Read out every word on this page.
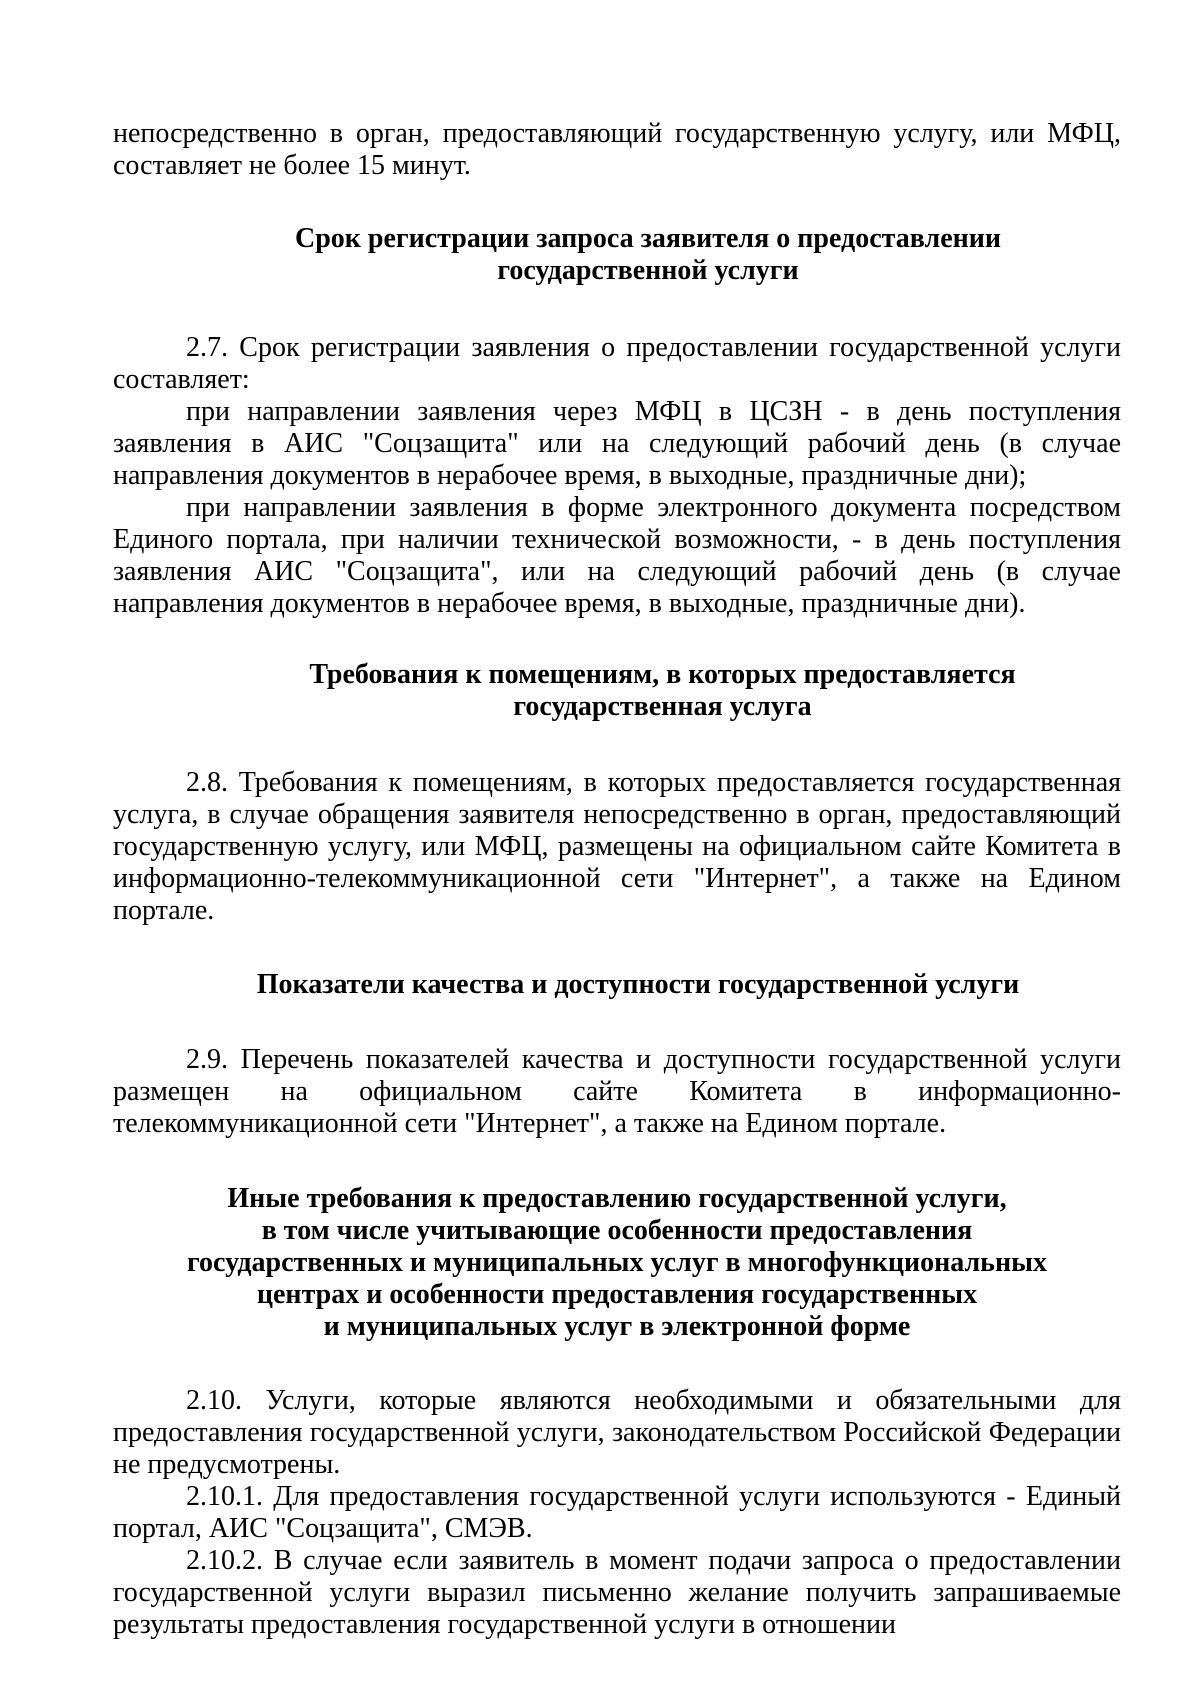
непосредственно в орган, предоставляющий государственную услугу, или МФЦ, составляет не более 15 минут.

Срок регистрации запроса заявителя о предоставлении
государственной услуги

2.7. Срок регистрации заявления о предоставлении государственной услуги составляет:

при направлении заявления через МФЦ в ЦСЗН - в день поступления заявления в АИС "Соцзащита" или на следующий рабочий день (в случае направления документов в нерабочее время, в выходные, праздничные дни);

при направлении заявления в форме электронного документа посредством Единого портала, при наличии технической возможности, - в день поступления заявления АИС "Соцзащита", или на следующий рабочий день (в случае направления документов в нерабочее время, в выходные, праздничные дни).

Требования к помещениям, в которых предоставляется
государственная услуга

2.8. Требования к помещениям, в которых предоставляется государственная услуга, в случае обращения заявителя непосредственно в орган, предоставляющий государственную услугу, или МФЦ, размещены на официальном сайте Комитета в информационно-телекоммуникационной сети "Интернет", а также на Едином портале.

Показатели качества и доступности государственной услуги

2.9. Перечень показателей качества и доступности государственной услуги размещен на официальном сайте Комитета в информационно-телекоммуникационной сети "Интернет", а также на Едином портале.

Иные требования к предоставлению государственной услуги,
в том числе учитывающие особенности предоставления
государственных и муниципальных услуг в многофункциональных
центрах и особенности предоставления государственных
и муниципальных услуг в электронной форме

2.10. Услуги, которые являются необходимыми и обязательными для предоставления государственной услуги, законодательством Российской Федерации не предусмотрены.

2.10.1. Для предоставления государственной услуги используются - Единый портал, АИС "Соцзащита", СМЭВ.

2.10.2. В случае если заявитель в момент подачи запроса о предоставлении государственной услуги выразил письменно желание получить запрашиваемые результаты предоставления государственной услуги в отношении
